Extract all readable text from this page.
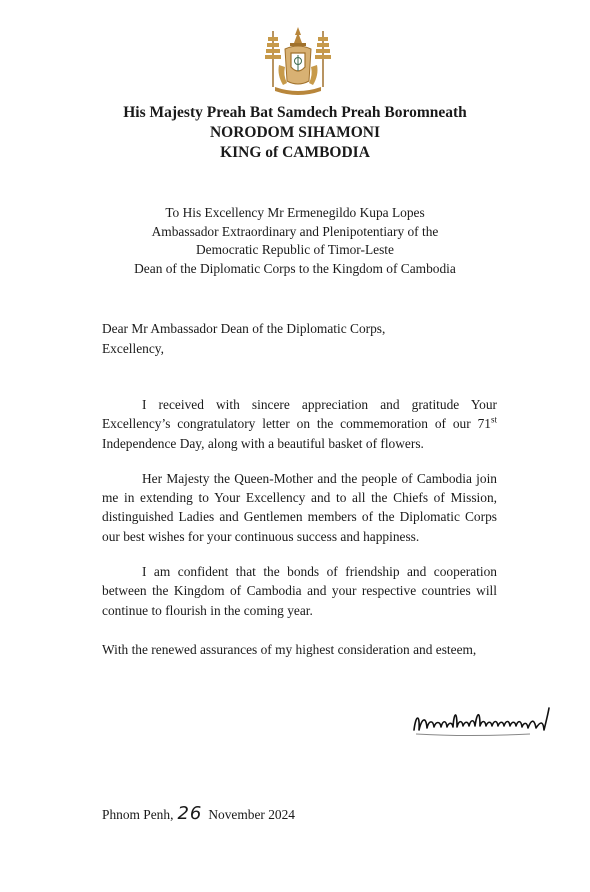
His Majesty Preah Bat Samdech Preah Boromneath
NORODOM SIHAMONI
KING of CAMBODIA
To His Excellency Mr Ermenegildo Kupa Lopes
Ambassador Extraordinary and Plenipotentiary of the
Democratic Republic of Timor-Leste
Dean of the Diplomatic Corps to the Kingdom of Cambodia
Dear Mr Ambassador Dean of the Diplomatic Corps,
Excellency,

I received with sincere appreciation and gratitude Your Excellency’s congratulatory letter on the commemoration of our 71st Independence Day, along with a beautiful basket of flowers.

Her Majesty the Queen-Mother and the people of Cambodia join me in extending to Your Excellency and to all the Chiefs of Mission, distinguished Ladies and Gentlemen members of the Diplomatic Corps our best wishes for your continuous success and happiness.

I am confident that the bonds of friendship and cooperation between the Kingdom of Cambodia and your respective countries will continue to flourish in the coming year.

With the renewed assurances of my highest consideration and esteem,

Phnom Penh, 26 November 2024
